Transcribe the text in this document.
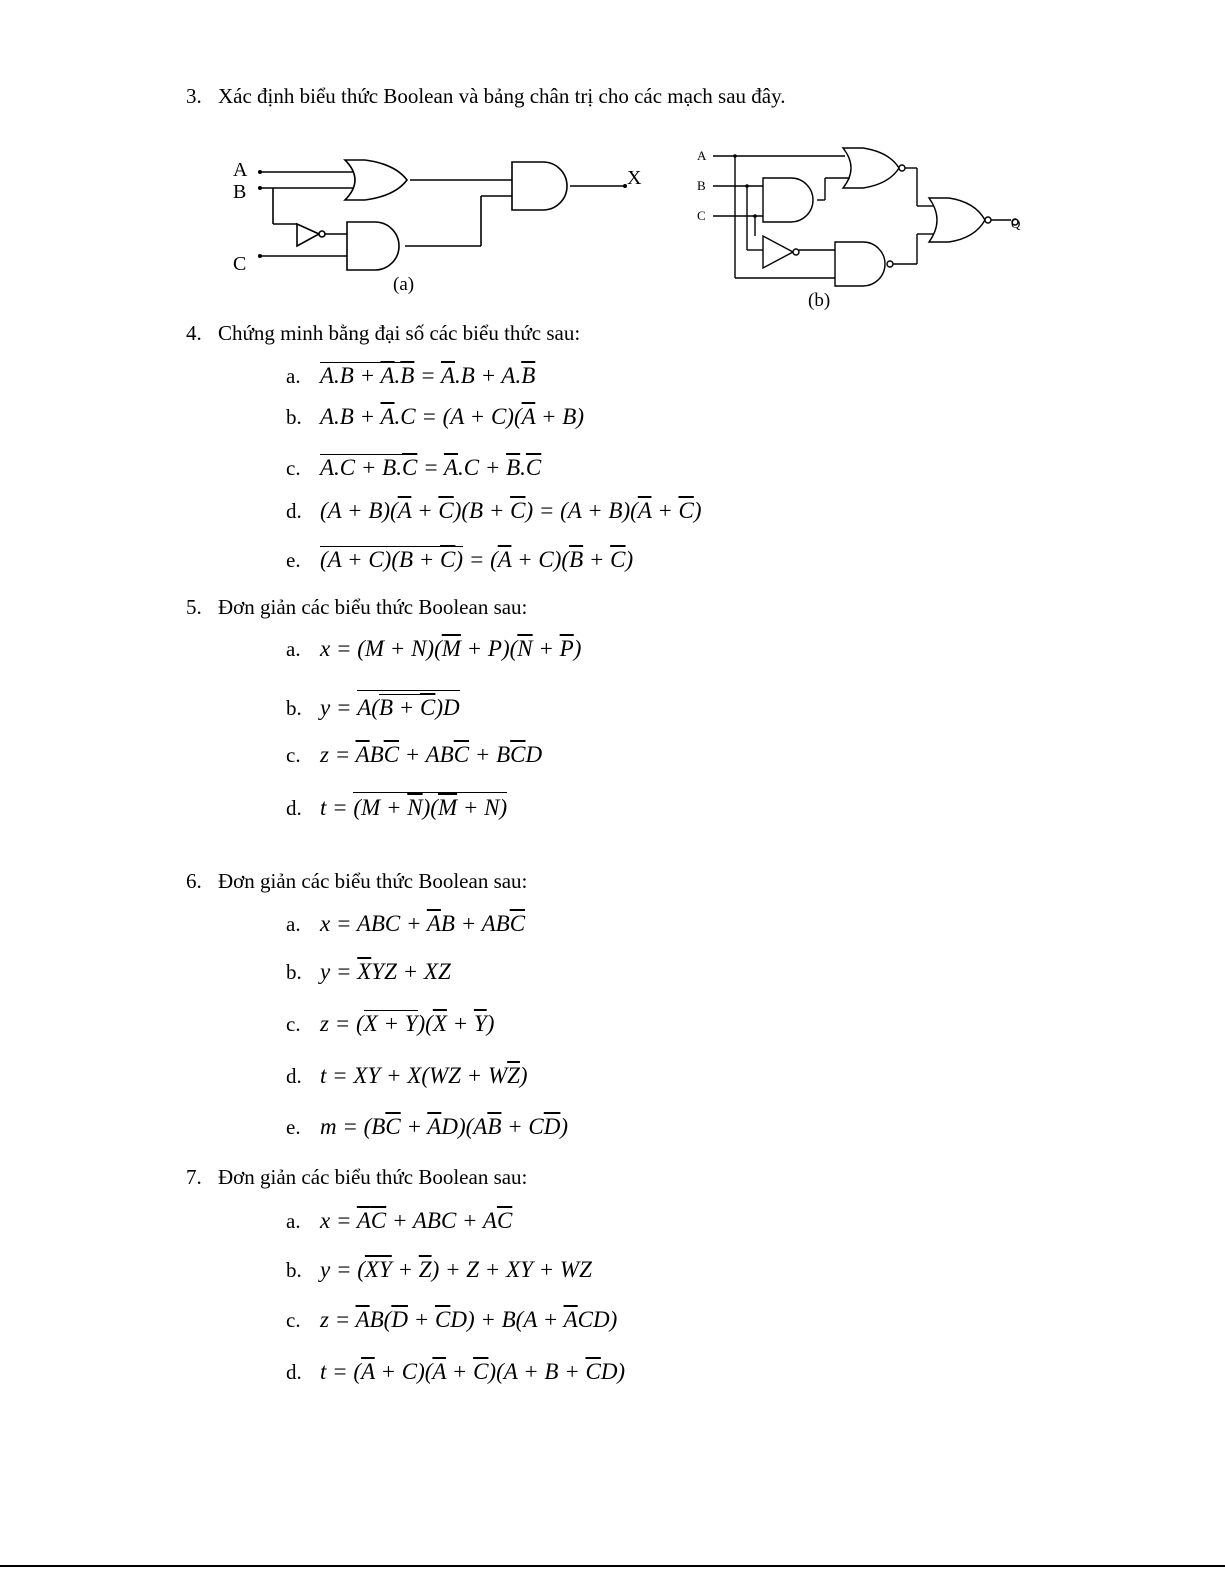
3. Xác định biểu thức Boolean và bảng chân trị cho các mạch sau đây.
A
B
C
X
(a)
A
B
C
Q
(b)
4. Chứng minh bằng đại số các biểu thức sau:
a. $A.B + \overline{A}.\overline{B} = \overline{A}.B + A.\overline{B}$
b. $A.B + \overline{A}.C = (A + C)(\overline{A} + B)$
c. $A.C + B.\overline{C} = \overline{A}.C + \overline{B}.\overline{C}$
d. $(A + B)(\overline{A} + \overline{C})(B + \overline{C}) = (A + B)(\overline{A} + \overline{C})$
e. $(A + C)(B + \overline{C}) = (\overline{A} + C)(\overline{B} + \overline{C})$
5. Đơn giản các biểu thức Boolean sau:
a. $x = (M + N)(\overline{M} + P)(\overline{N} + \overline{P})$
b. $y = A(B + \overline{C})D$
c. $z = \overline{A}B\overline{C} + AB\overline{C} + B\overline{C}D$
d. $t = (M + \overline{N})(\overline{M} + N)$
6. Đơn giản các biểu thức Boolean sau:
a. x = ABC + $\overline{A}B + AB\overline{C}$
b. $y = \overline{X}YZ$ + XZ
c. $z = (X + Y)(\overline{X} + \overline{Y})$
d. t = XY + $X(WZ + W\overline{Z})$
e. $m = (B\overline{C} + \overline{A}D)(A\overline{B} + C\overline{D})$
7. Đơn giản các biểu thức Boolean sau:
a. $x = \overline{A}\overline{C}$ + ABC + $A\overline{C}$
b. $y = (\overline{X}\overline{Y} + \overline{Z}) + Z$ + XY + WZ
c. $z = \overline{A}B(\overline{D} + \overline{C}D) + B(A + \overline{A}CD)$
d. $t = (\overline{A} + C)(\overline{A} + \overline{C})(A + B + \overline{C}D)$
